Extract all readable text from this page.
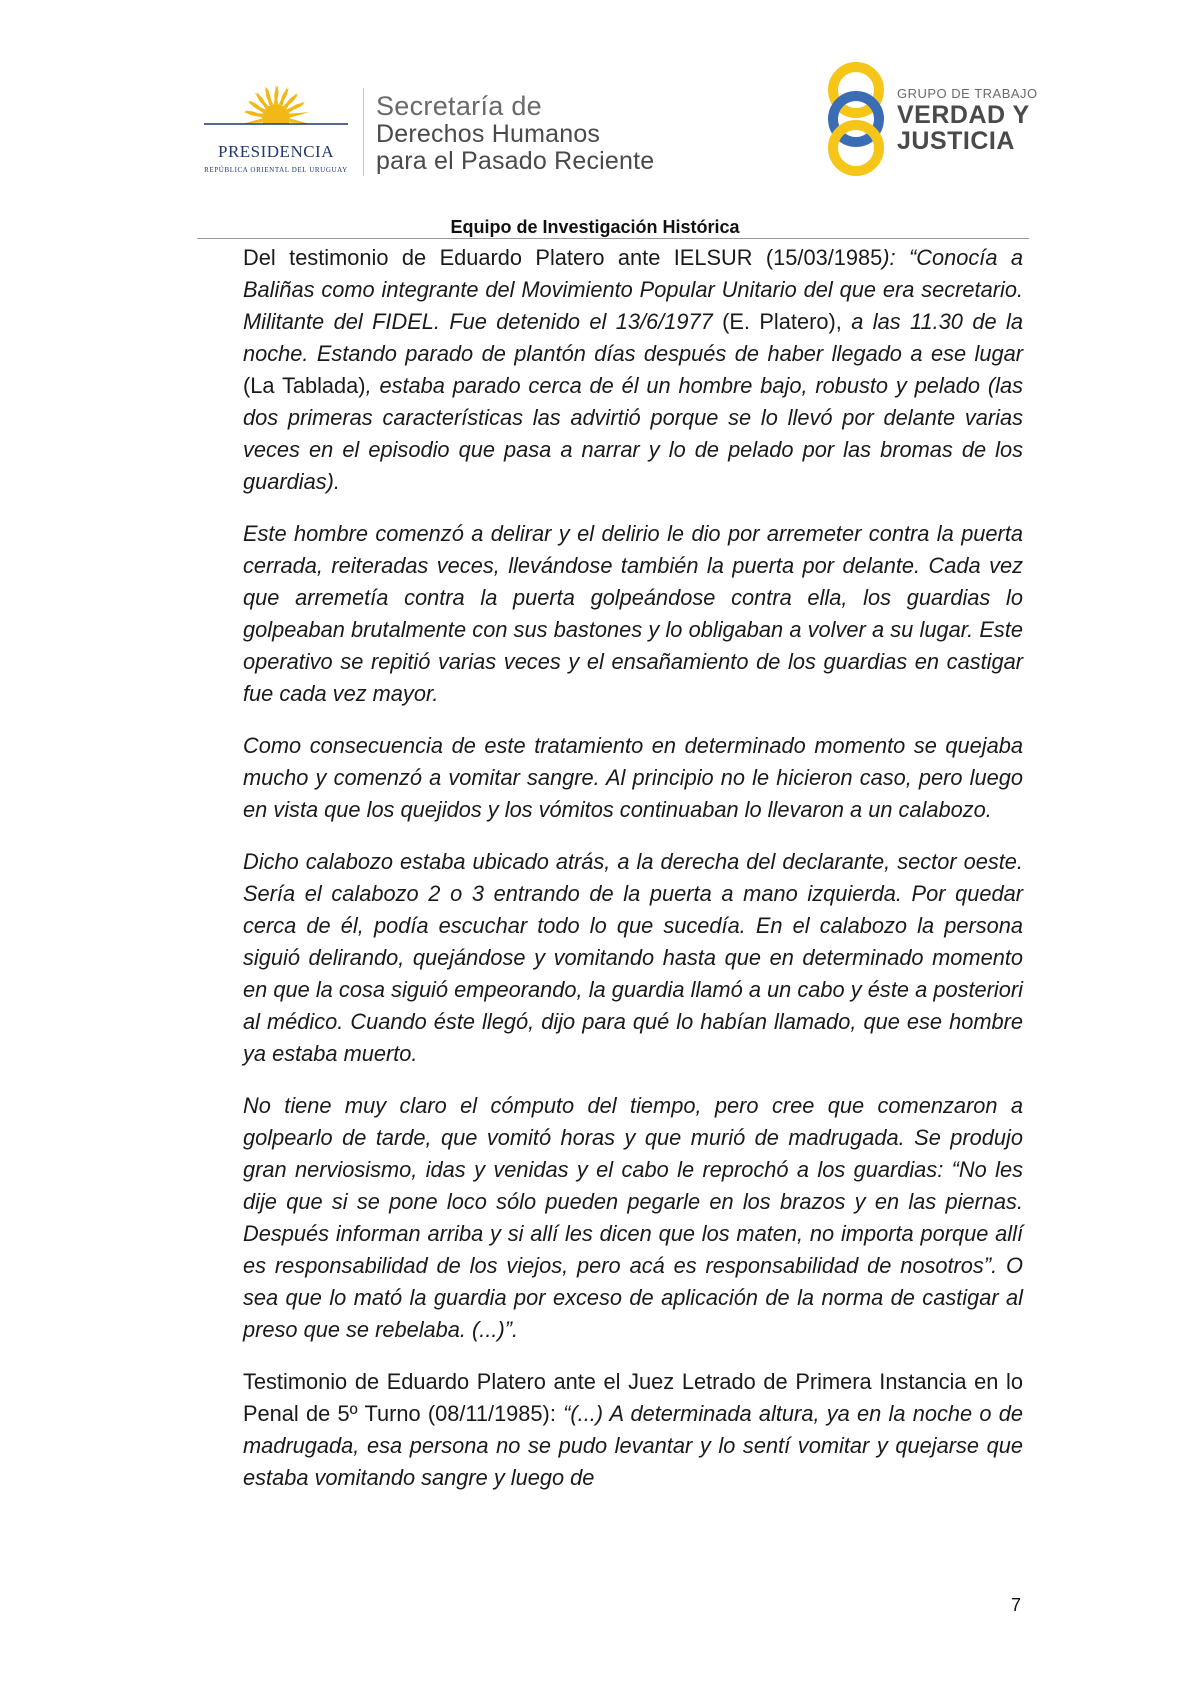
PRESIDENCIA
REPÚBLICA ORIENTAL DEL URUGUAY
Secretaría de
Derechos Humanos
para el Pasado Reciente
GRUPO DE TRABAJO
VERDAD Y
JUSTICIA
Equipo de Investigación Histórica

Del testimonio de Eduardo Platero ante IELSUR (15/03/1985): “Conocía a Baliñas como integrante del Movimiento Popular Unitario del que era secretario. Militante del FIDEL. Fue detenido el 13/6/1977 (E. Platero), a las 11.30 de la noche. Estando parado de plantón días después de haber llegado a ese lugar (La Tablada), estaba parado cerca de él un hombre bajo, robusto y pelado (las dos primeras características las advirtió porque se lo llevó por delante varias veces en el episodio que pasa a narrar y lo de pelado por las bromas de los guardias).

Este hombre comenzó a delirar y el delirio le dio por arremeter contra la puerta cerrada, reiteradas veces, llevándose también la puerta por delante. Cada vez que arremetía contra la puerta golpeándose contra ella, los guardias lo golpeaban brutalmente con sus bastones y lo obligaban a volver a su lugar. Este operativo se repitió varias veces y el ensañamiento de los guardias en castigar fue cada vez mayor.

Como consecuencia de este tratamiento en determinado momento se quejaba mucho y comenzó a vomitar sangre. Al principio no le hicieron caso, pero luego en vista que los quejidos y los vómitos continuaban lo llevaron a un calabozo.

Dicho calabozo estaba ubicado atrás, a la derecha del declarante, sector oeste. Sería el calabozo 2 o 3 entrando de la puerta a mano izquierda. Por quedar cerca de él, podía escuchar todo lo que sucedía. En el calabozo la persona siguió delirando, quejándose y vomitando hasta que en determinado momento en que la cosa siguió empeorando, la guardia llamó a un cabo y éste a posteriori al médico. Cuando éste llegó, dijo para qué lo habían llamado, que ese hombre ya estaba muerto.

No tiene muy claro el cómputo del tiempo, pero cree que comenzaron a golpearlo de tarde, que vomitó horas y que murió de madrugada. Se produjo gran nerviosismo, idas y venidas y el cabo le reprochó a los guardias: “No les dije que si se pone loco sólo pueden pegarle en los brazos y en las piernas. Después informan arriba y si allí les dicen que los maten, no importa porque allí es responsabilidad de los viejos, pero acá es responsabilidad de nosotros”. O sea que lo mató la guardia por exceso de aplicación de la norma de castigar al preso que se rebelaba. (...)”.

Testimonio de Eduardo Platero ante el Juez Letrado de Primera Instancia en lo Penal de 5º Turno (08/11/1985): “(...) A determinada altura, ya en la noche o de madrugada, esa persona no se pudo levantar y lo sentí vomitar y quejarse que estaba vomitando sangre y luego de

7
